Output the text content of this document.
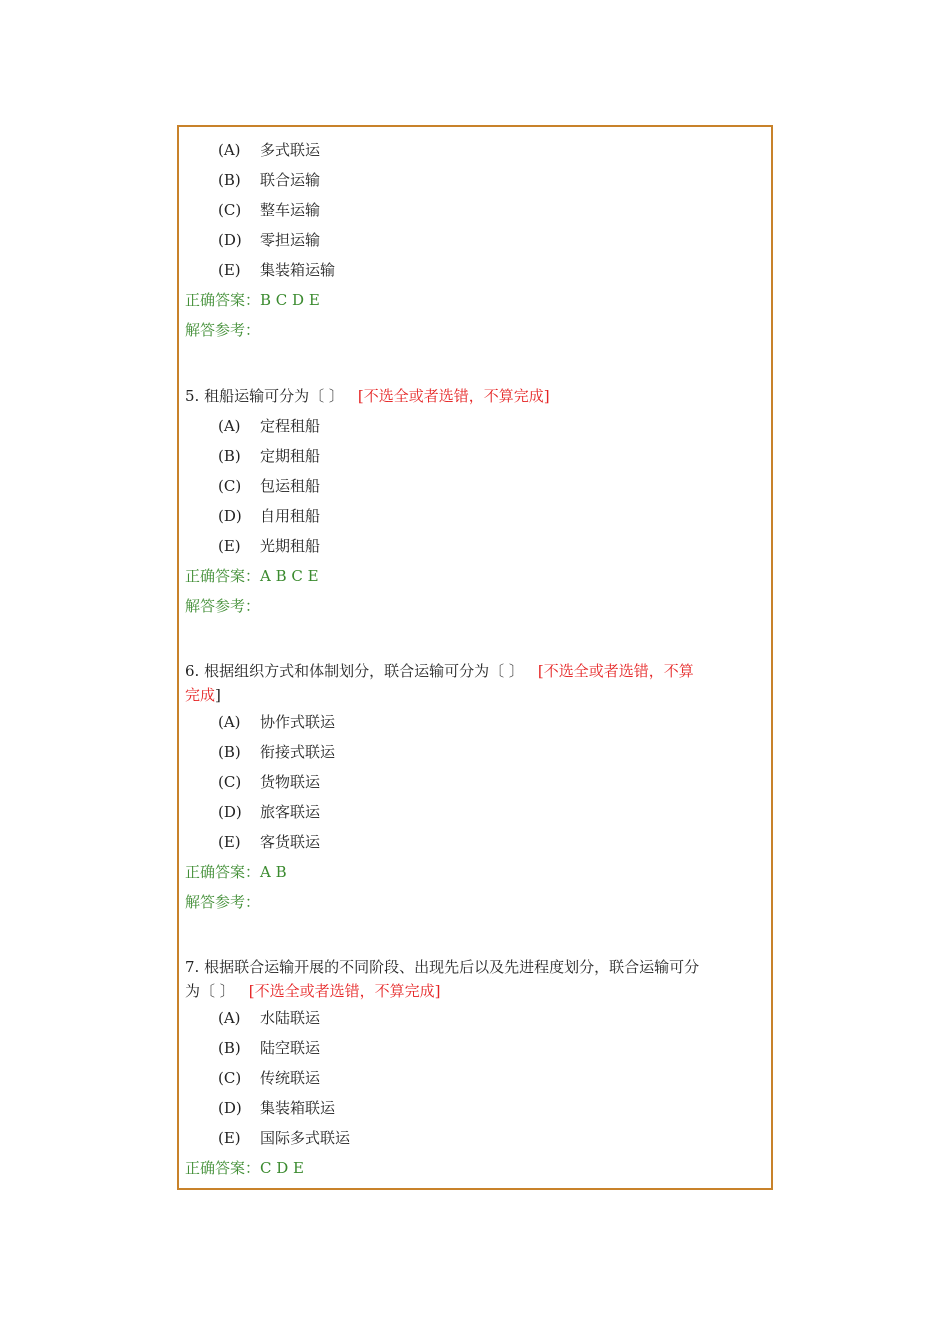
(A) 多式联运
(B) 联合运输
(C) 整车运输
(D) 零担运输
(E) 集装箱运输
正确答案：B C D E
解答参考：
5. 租船运输可分为〔 〕 [不选全或者选错，不算完成]
(A) 定程租船
(B) 定期租船
(C) 包运租船
(D) 自用租船
(E) 光期租船
正确答案：A B C E
解答参考：
6. 根据组织方式和体制划分，联合运输可分为〔 〕 [不选全或者选错，不算
完成]
(A) 协作式联运
(B) 衔接式联运
(C) 货物联运
(D) 旅客联运
(E) 客货联运
正确答案：A B
解答参考：
7. 根据联合运输开展的不同阶段、出现先后以及先进程度划分，联合运输可分
为〔 〕 [不选全或者选错，不算完成]
(A) 水陆联运
(B) 陆空联运
(C) 传统联运
(D) 集装箱联运
(E) 国际多式联运
正确答案：C D E
